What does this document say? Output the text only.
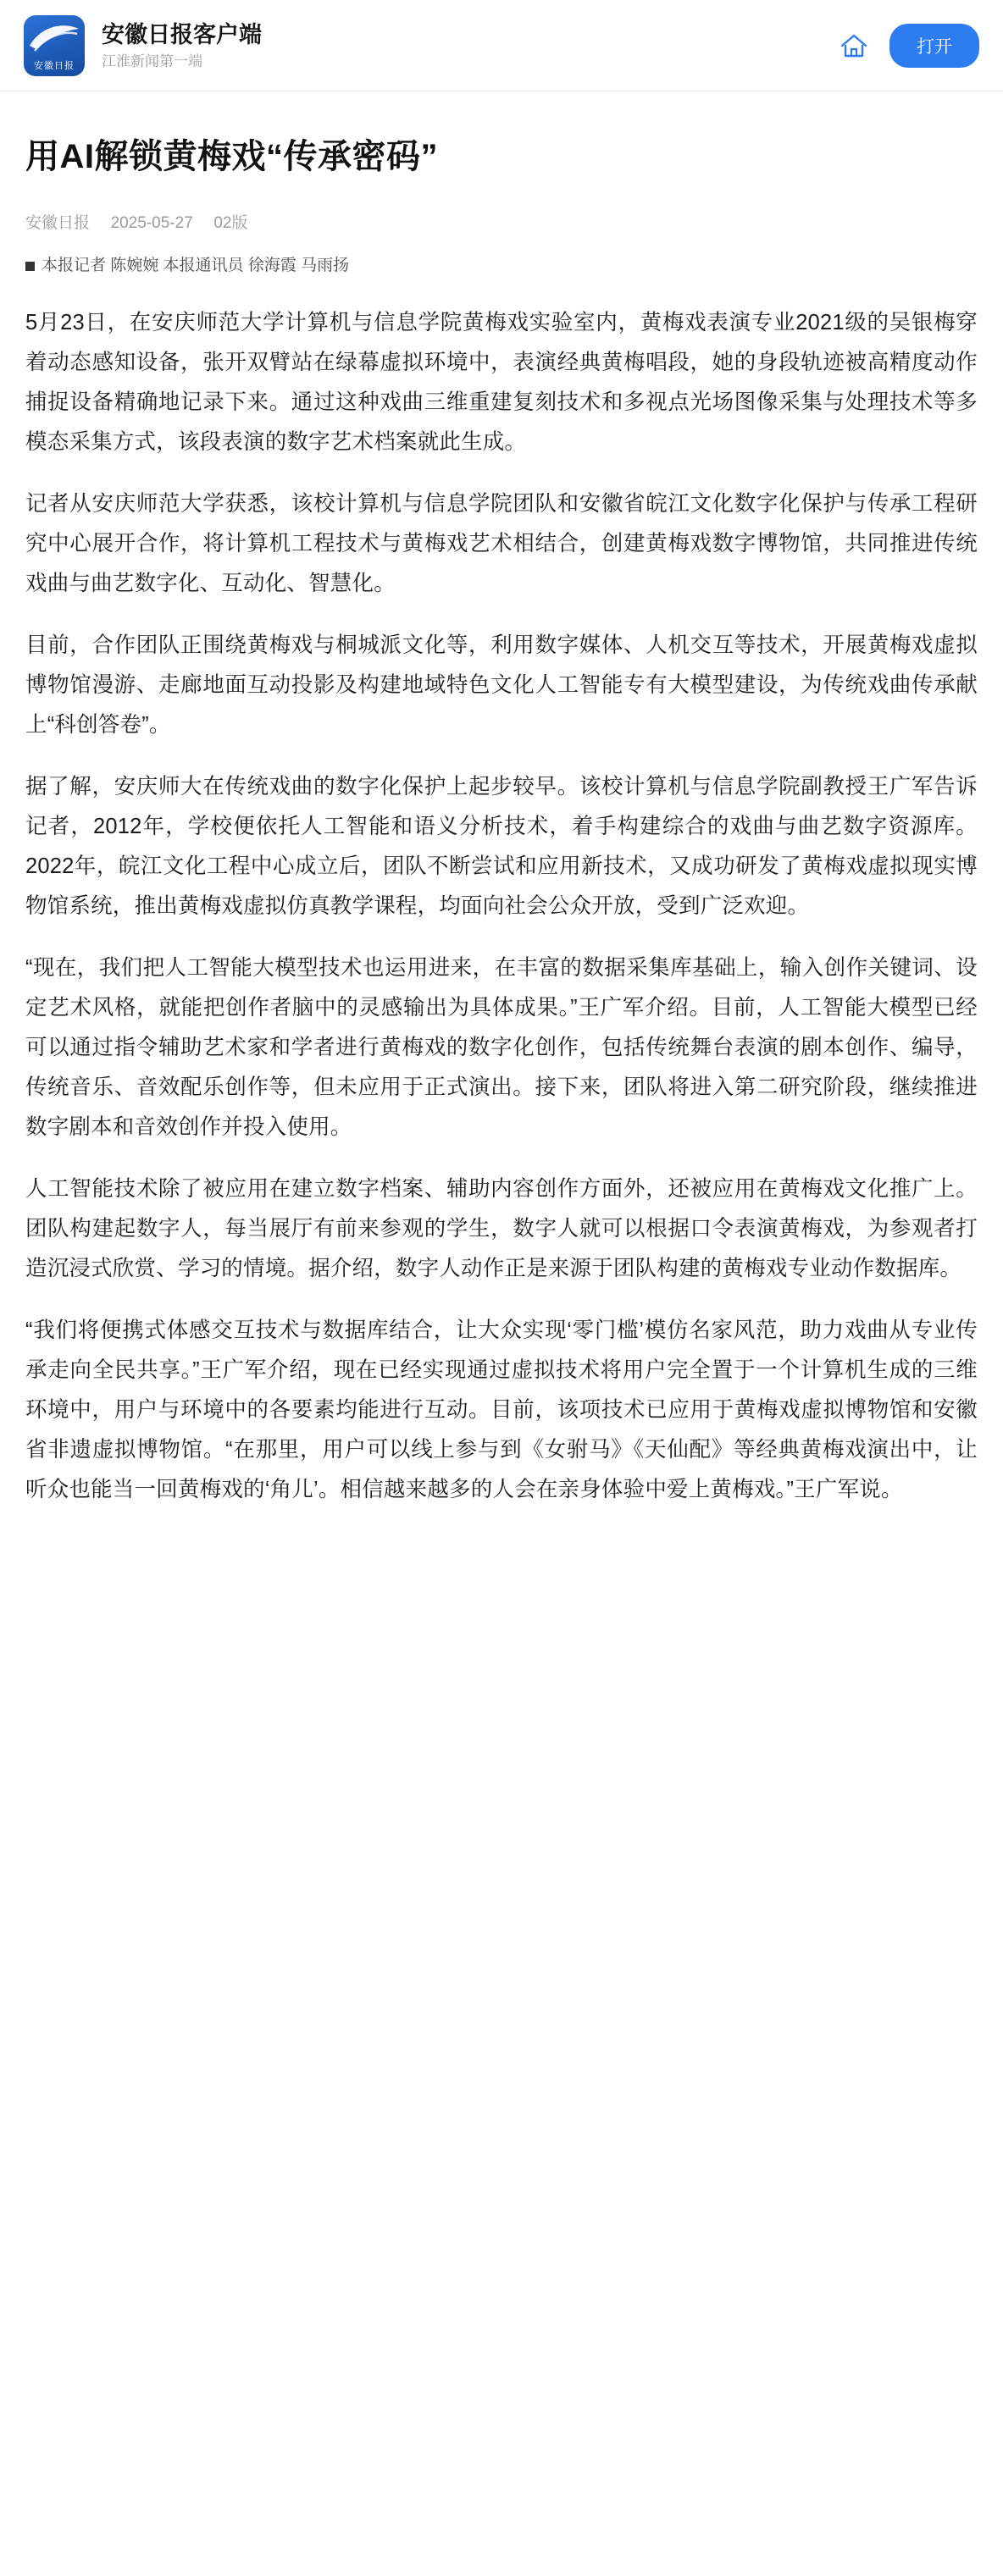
安徽日报
安徽日报客户端
江淮新闻第一端
打开
用AI解锁黄梅戏“传承密码”
安徽日报 2025-05-27 02版
本报记者 陈婉婉 本报通讯员 徐海霞 马雨扬

5月23日，在安庆师范大学计算机与信息学院黄梅戏实验室内，黄梅戏表演专业2021级的吴银梅穿着动态感知设备，张开双臂站在绿幕虚拟环境中，表演经典黄梅唱段，她的身段轨迹被高精度动作捕捉设备精确地记录下来。通过这种戏曲三维重建复刻技术和多视点光场图像采集与处理技术等多模态采集方式，该段表演的数字艺术档案就此生成。

记者从安庆师范大学获悉，该校计算机与信息学院团队和安徽省皖江文化数字化保护与传承工程研究中心展开合作，将计算机工程技术与黄梅戏艺术相结合，创建黄梅戏数字博物馆，共同推进传统戏曲与曲艺数字化、互动化、智慧化。

目前，合作团队正围绕黄梅戏与桐城派文化等，利用数字媒体、人机交互等技术，开展黄梅戏虚拟博物馆漫游、走廊地面互动投影及构建地域特色文化人工智能专有大模型建设，为传统戏曲传承献上“科创答卷”。

据了解，安庆师大在传统戏曲的数字化保护上起步较早。该校计算机与信息学院副教授王广军告诉记者，2012年，学校便依托人工智能和语义分析技术，着手构建综合的戏曲与曲艺数字资源库。2022年，皖江文化工程中心成立后，团队不断尝试和应用新技术，又成功研发了黄梅戏虚拟现实博物馆系统，推出黄梅戏虚拟仿真教学课程，均面向社会公众开放，受到广泛欢迎。

“现在，我们把人工智能大模型技术也运用进来，在丰富的数据采集库基础上，输入创作关键词、设定艺术风格，就能把创作者脑中的灵感输出为具体成果。”王广军介绍。目前，人工智能大模型已经可以通过指令辅助艺术家和学者进行黄梅戏的数字化创作，包括传统舞台表演的剧本创作、编导，传统音乐、音效配乐创作等，但未应用于正式演出。接下来，团队将进入第二研究阶段，继续推进数字剧本和音效创作并投入使用。

人工智能技术除了被应用在建立数字档案、辅助内容创作方面外，还被应用在黄梅戏文化推广上。团队构建起数字人，每当展厅有前来参观的学生，数字人就可以根据口令表演黄梅戏，为参观者打造沉浸式欣赏、学习的情境。据介绍，数字人动作正是来源于团队构建的黄梅戏专业动作数据库。

“我们将便携式体感交互技术与数据库结合，让大众实现‘零门槛’模仿名家风范，助力戏曲从专业传承走向全民共享。”王广军介绍，现在已经实现通过虚拟技术将用户完全置于一个计算机生成的三维环境中，用户与环境中的各要素均能进行互动。目前，该项技术已应用于黄梅戏虚拟博物馆和安徽省非遗虚拟博物馆。“在那里，用户可以线上参与到《女驸马》《天仙配》等经典黄梅戏演出中，让听众也能当一回黄梅戏的‘角儿’。相信越来越多的人会在亲身体验中爱上黄梅戏。”王广军说。
